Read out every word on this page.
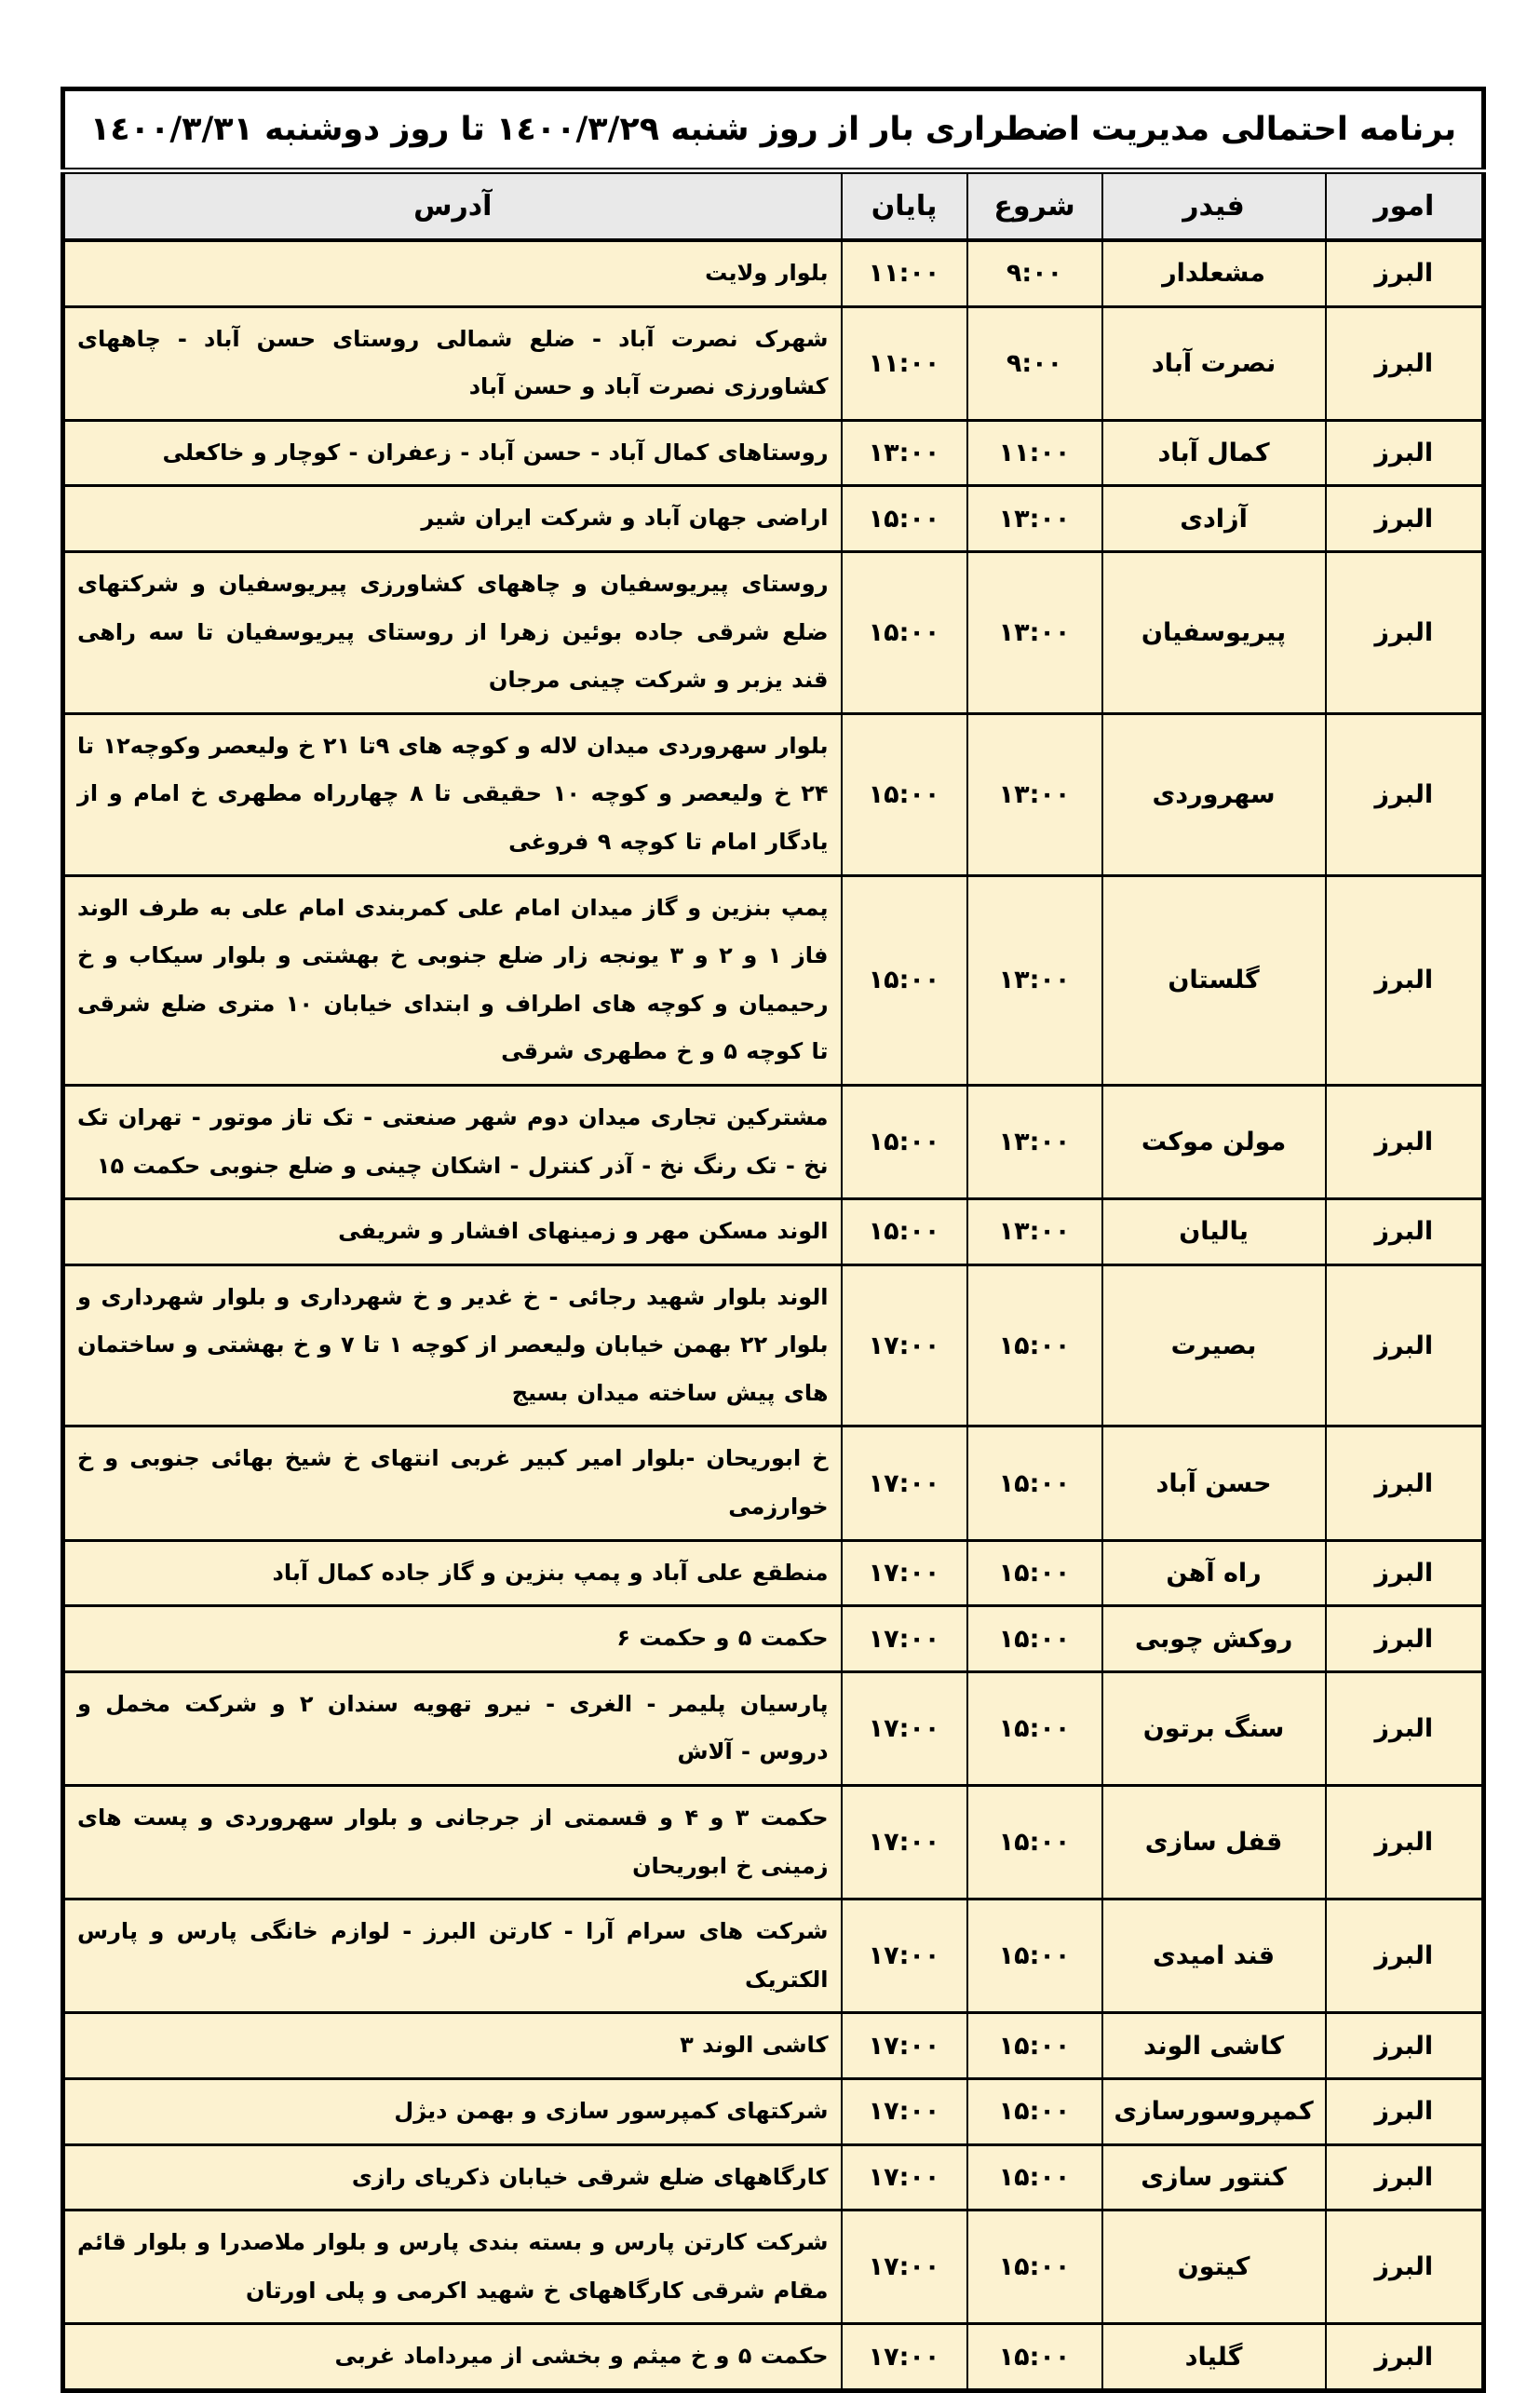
برنامه احتمالی مدیریت اضطراری بار از روز شنبه ١٤٠٠/٣/٢٩ تا روز دوشنبه ١٤٠٠/٣/٣١				
امور	فیدر	شروع	پایان	آدرس
البرز	مشعلدار	۹:۰۰	۱۱:۰۰	بلوار ولایت
البرز	نصرت آباد	۹:۰۰	۱۱:۰۰	شهرک نصرت آباد - ضلع شمالی روستای حسن آباد - چاههای کشاورزی نصرت آباد و حسن آباد
البرز	کمال آباد	۱۱:۰۰	۱۳:۰۰	روستاهای کمال آباد - حسن آباد - زعفران - کوچار و خاکعلی
البرز	آزادی	۱۳:۰۰	۱۵:۰۰	اراضی جهان آباد و شرکت ایران شیر
البرز	پیریوسفیان	۱۳:۰۰	۱۵:۰۰	روستای پیریوسفیان و چاههای کشاورزی پیریوسفیان و شرکتهای ضلع شرقی جاده بوئین زهرا از روستای پیریوسفیان تا سه راهی قند یزبر و شرکت چینی مرجان
البرز	سهروردی	۱۳:۰۰	۱۵:۰۰	بلوار سهروردی میدان لاله و کوچه های ۹تا ۲۱ خ ولیعصر وکوچه۱۲ تا ۲۴ خ ولیعصر و کوچه ۱۰ حقیقی تا ۸ چهارراه مطهری خ امام و از یادگار امام تا کوچه ۹ فروغی
البرز	گلستان	۱۳:۰۰	۱۵:۰۰	پمپ بنزین و گاز میدان امام علی کمربندی امام علی به طرف الوند فاز ۱ و ۲ و ۳ یونجه زار ضلع جنوبی خ بهشتی و بلوار سیکاب و خ رحیمیان و کوچه های اطراف و ابتدای خیابان ۱۰ متری ضلع شرقی تا کوچه ۵ و خ مطهری شرقی
البرز	مولن موکت	۱۳:۰۰	۱۵:۰۰	مشترکین تجاری میدان دوم شهر صنعتی - تک تاز موتور - تهران تک نخ - تک رنگ نخ - آذر کنترل - اشکان چینی و ضلع جنوبی حکمت ۱۵
البرز	یالیان	۱۳:۰۰	۱۵:۰۰	الوند مسکن مهر و زمینهای افشار و شریفی
البرز	بصیرت	۱۵:۰۰	۱۷:۰۰	الوند بلوار شهید رجائی - خ غدیر و خ شهرداری و بلوار شهرداری و بلوار ۲۲ بهمن خیابان ولیعصر از کوچه ۱ تا ۷ و خ بهشتی و ساختمان های پیش ساخته میدان بسیج
البرز	حسن آباد	۱۵:۰۰	۱۷:۰۰	خ ابوریحان -بلوار امیر کبیر غربی انتهای خ شیخ بهائی جنوبی و خ خوارزمی
البرز	راه آهن	۱۵:۰۰	۱۷:۰۰	منطقع علی آباد و پمپ بنزین و گاز جاده کمال آباد
البرز	روکش چوبی	۱۵:۰۰	۱۷:۰۰	حکمت ۵ و حکمت ۶
البرز	سنگ برتون	۱۵:۰۰	۱۷:۰۰	پارسیان پلیمر - الغری - نیرو تهویه سندان ۲ و شرکت مخمل و دروس - آلاش
البرز	قفل سازی	۱۵:۰۰	۱۷:۰۰	حکمت ۳ و ۴ و قسمتی از جرجانی و بلوار سهروردی و پست های زمینی خ ابوریحان
البرز	قند امیدی	۱۵:۰۰	۱۷:۰۰	شرکت های سرام آرا - کارتن البرز - لوازم خانگی پارس و پارس الکتریک
البرز	کاشی الوند	۱۵:۰۰	۱۷:۰۰	کاشی الوند ۳
البرز	کمپروسورسازی	۱۵:۰۰	۱۷:۰۰	شرکتهای کمپرسور سازی و بهمن دیژل
البرز	کنتور سازی	۱۵:۰۰	۱۷:۰۰	کارگاههای ضلع شرقی خیابان ذکریای رازی
البرز	کیتون	۱۵:۰۰	۱۷:۰۰	شرکت کارتن پارس و بسته بندی پارس و بلوار ملاصدرا و بلوار قائم مقام شرقی کارگاههای خ شهید اکرمی و پلی اورتان
البرز	گلیاد	۱۵:۰۰	۱۷:۰۰	حکمت ۵ و خ میثم و بخشی از میرداماد غربی
